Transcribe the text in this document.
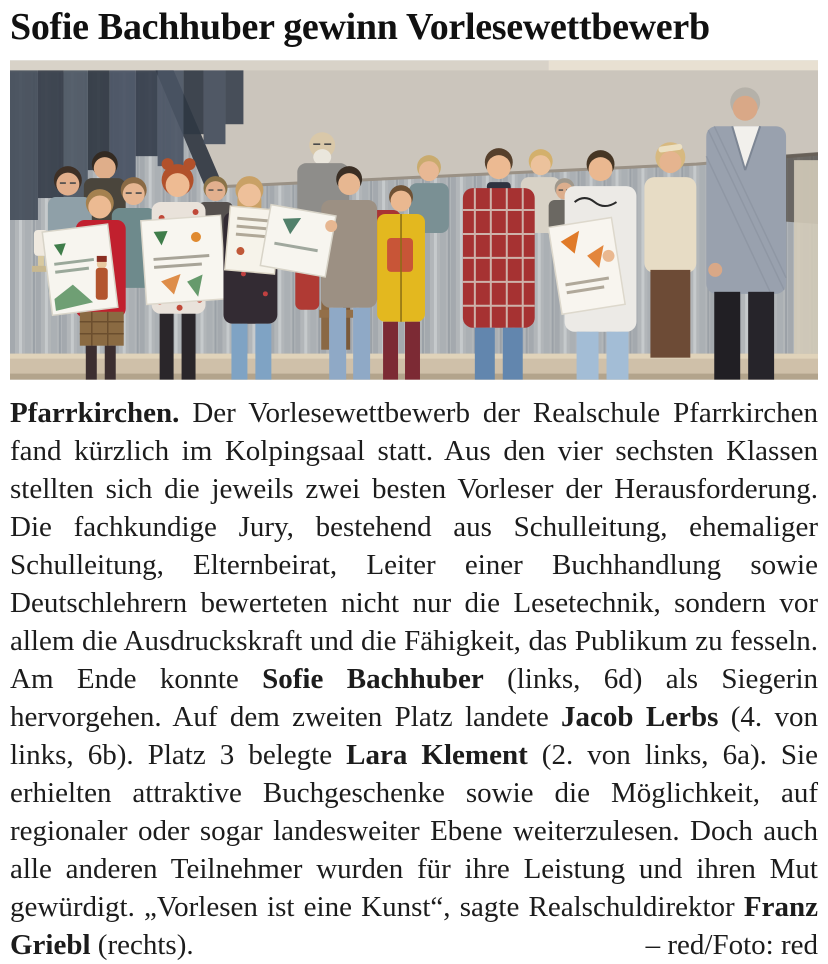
Sofie Bachhuber gewinn Vorlesewettbewerb

Pfarrkirchen. Der Vorlesewettbewerb der Realschule Pfarrkirchen fand kürzlich im Kolpingsaal statt. Aus den vier sechsten Klassen stellten sich die jeweils zwei besten Vorleser der Herausforderung. Die fachkundige Jury, bestehend aus Schulleitung, ehemaliger Schulleitung, Elternbeirat, Leiter einer Buchhandlung sowie Deutschlehrern bewerteten nicht nur die Lesetechnik, sondern vor allem die Ausdruckskraft und die Fähigkeit, das Publikum zu fesseln. Am Ende konnte Sofie Bachhuber (links, 6d) als Siegerin hervorgehen. Auf dem zweiten Platz landete Jacob Lerbs (4. von links, 6b). Platz 3 belegte Lara Klement (2. von links, 6a). Sie erhielten attraktive Buchgeschenke sowie die Möglichkeit, auf regionaler oder sogar landesweiter Ebene weiterzulesen. Doch auch alle anderen Teilnehmer wurden für ihre Leistung und ihren Mut gewürdigt. „Vorlesen ist eine Kunst“, sagte Realschuldirektor Franz Griebl (rechts).	– red/Foto: red
